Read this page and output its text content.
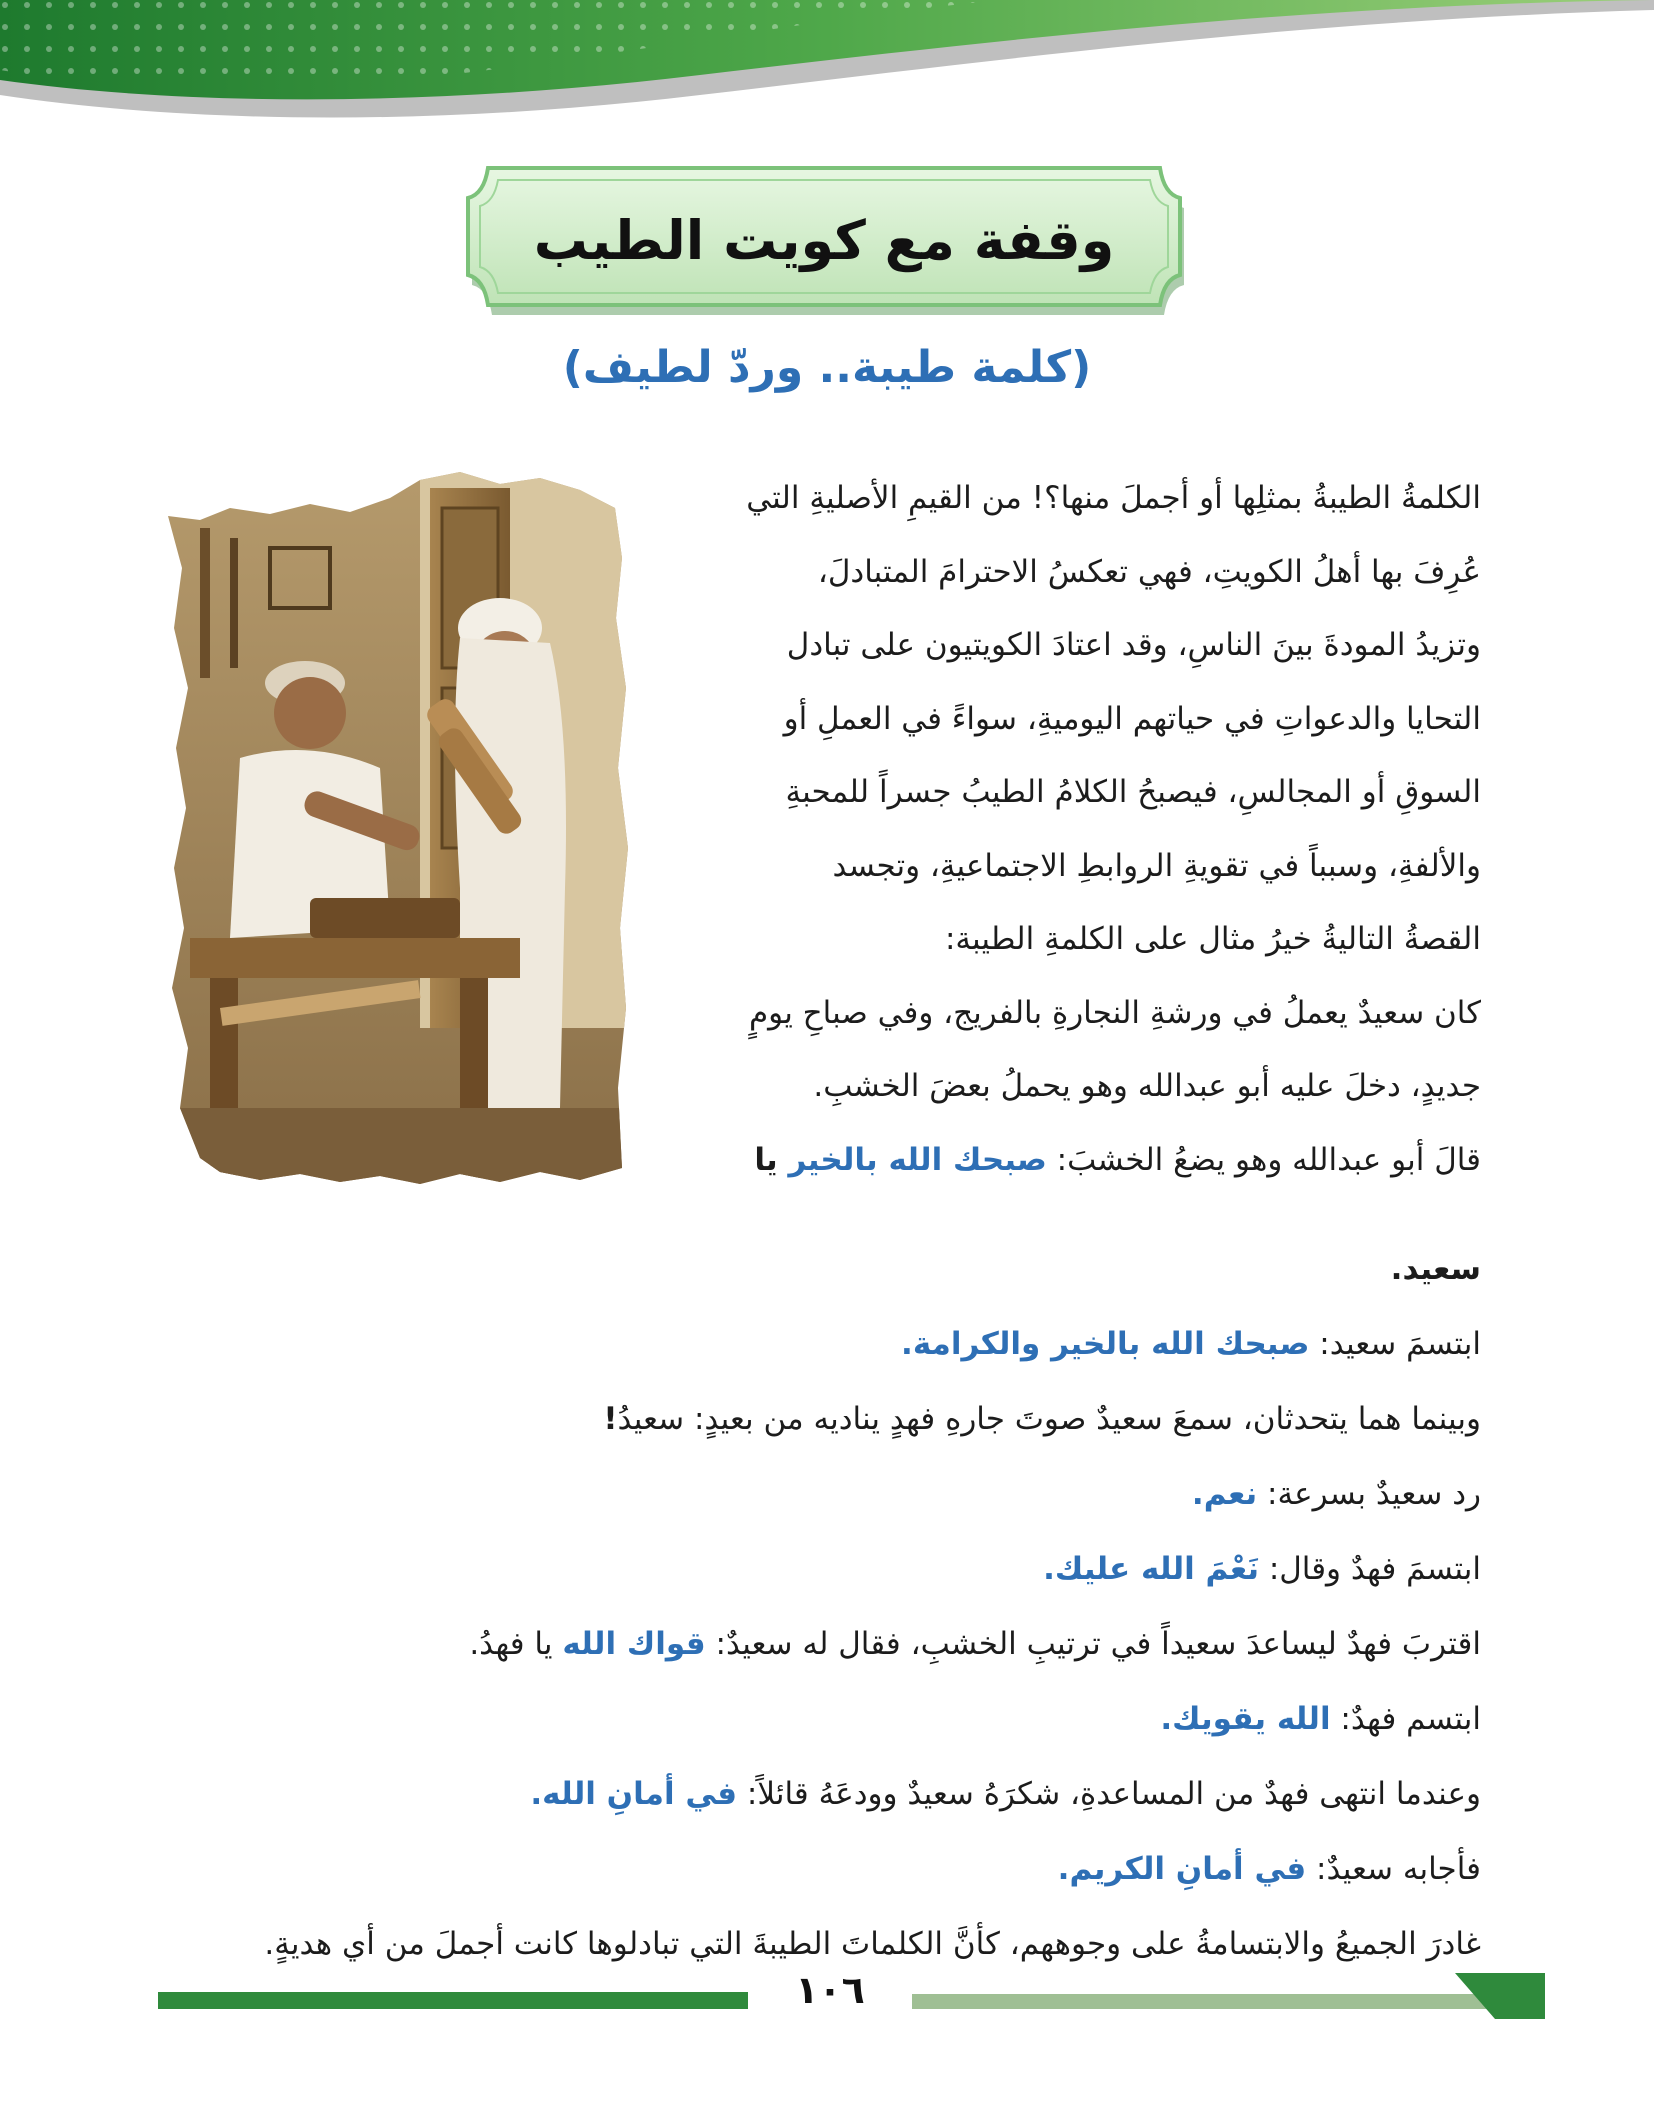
وقفة مع كويت الطيب
(كلمة طيبة.. وردّ لطيف)
الكلمةُ الطيبةُ بمثلِها أو أجملَ منها؟! من القيمِ الأصليةِ التي
عُرِفَ بها أهلُ الكويتِ، فهي تعكسُ الاحترامَ المتبادلَ،
وتزيدُ المودةَ بينَ الناسِ، وقد اعتادَ الكويتيون على تبادل
التحايا والدعواتِ في حياتهم اليوميةِ، سواءً في العملِ أو
السوقِ أو المجالسِ، فيصبحُ الكلامُ الطيبُ جسراً للمحبةِ
والألفةِ، وسبباً في تقويةِ الروابطِ الاجتماعيةِ، وتجسد
القصةُ التاليةُ خيرُ مثال على الكلمةِ الطيبة:
كان سعيدٌ يعملُ في ورشةِ النجارةِ بالفريج، وفي صباحِ يومٍ
جديدٍ، دخلَ عليه أبو عبدالله وهو يحملُ بعضَ الخشبِ.
قالَ أبو عبدالله وهو يضعُ الخشبَ: صبحك الله بالخير يا
سعيد.
ابتسمَ سعيد: صبحك الله بالخير والكرامة.
وبينما هما يتحدثان، سمعَ سعيدٌ صوتَ جارهِ فهدٍ يناديه من بعيدٍ: سعيدُ!
رد سعيدٌ بسرعة: نعم.
ابتسمَ فهدٌ وقال: نَعْمَ الله عليك.
اقتربَ فهدٌ ليساعدَ سعيداً في ترتيبِ الخشبِ، فقال له سعيدٌ: قواك الله يا فهدُ.
ابتسم فهدٌ: الله يقويك.
وعندما انتهى فهدٌ من المساعدةِ، شكرَهُ سعيدٌ وودعَهُ قائلاً: في أمانِ الله.
فأجابه سعيدٌ: في أمانِ الكريم.
غادرَ الجميعُ والابتسامةُ على وجوههم، كأنَّ الكلماتَ الطيبةَ التي تبادلوها كانت أجملَ من أي هديةٍ.
١٠٦
